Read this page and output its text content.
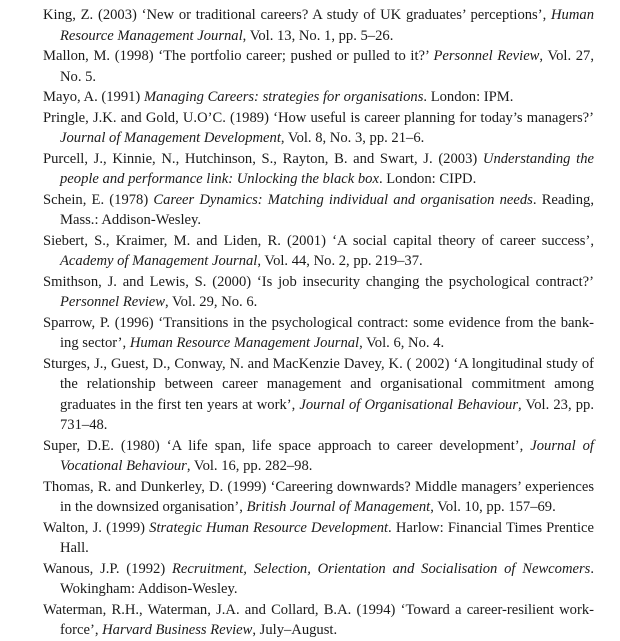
King, Z. (2003) ‘New or traditional careers? A study of UK graduates’ perceptions’, Human Resource Management Journal, Vol. 13, No. 1, pp. 5–26.

Mallon, M. (1998) ‘The portfolio career; pushed or pulled to it?’ Personnel Review, Vol. 27, No. 5.

Mayo, A. (1991) Managing Careers: strategies for organisations. London: IPM.

Pringle, J.K. and Gold, U.O’C. (1989) ‘How useful is career planning for today’s managers?’ Journal of Management Development, Vol. 8, No. 3, pp. 21–6.

Purcell, J., Kinnie, N., Hutchinson, S., Rayton, B. and Swart, J. (2003) Understanding the people and performance link: Unlocking the black box. London: CIPD.

Schein, E. (1978) Career Dynamics: Matching individual and organisation needs. Reading, Mass.: Addison-Wesley.

Siebert, S., Kraimer, M. and Liden, R. (2001) ‘A social capital theory of career success’, Academy of Management Journal, Vol. 44, No. 2, pp. 219–37.

Smithson, J. and Lewis, S. (2000) ‘Is job insecurity changing the psychological contract?’ Personnel Review, Vol. 29, No. 6.

Sparrow, P. (1996) ‘Transitions in the psychological contract: some evidence from the banking sector’, Human Resource Management Journal, Vol. 6, No. 4.

Sturges, J., Guest, D., Conway, N. and MacKenzie Davey, K. ( 2002) ‘A longitudinal study of the relationship between career management and organisational commitment among graduates in the first ten years at work’, Journal of Organisational Behaviour, Vol. 23, pp. 731–48.

Super, D.E. (1980) ‘A life span, life space approach to career development’, Journal of Vocational Behaviour, Vol. 16, pp. 282–98.

Thomas, R. and Dunkerley, D. (1999) ‘Careering downwards? Middle managers’ experiences in the downsized organisation’, British Journal of Management, Vol. 10, pp. 157–69.

Walton, J. (1999) Strategic Human Resource Development. Harlow: Financial Times Prentice Hall.

Wanous, J.P. (1992) Recruitment, Selection, Orientation and Socialisation of Newcomers. Wokingham: Addison-Wesley.

Waterman, R.H., Waterman, J.A. and Collard, B.A. (1994) ‘Toward a career-resilient workforce’, Harvard Business Review, July–August.
